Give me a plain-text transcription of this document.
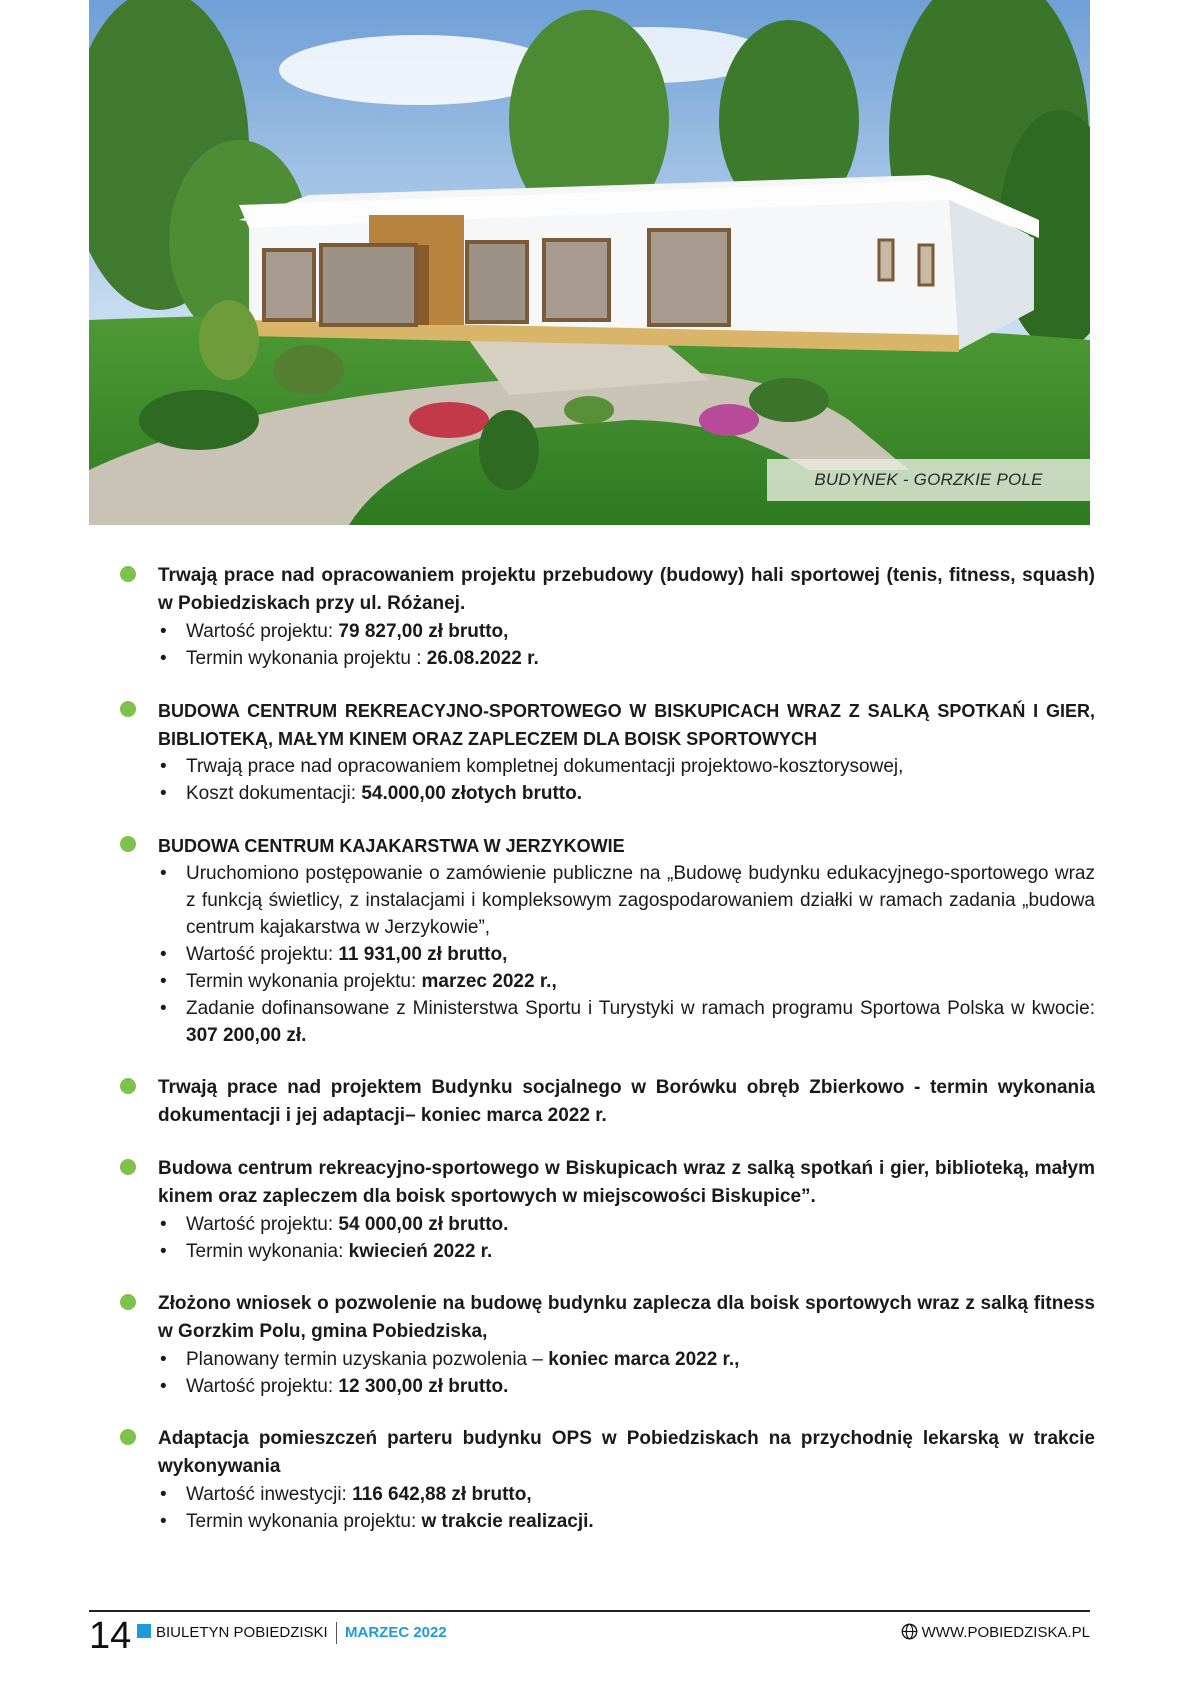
BUDYNEK - GORZKIE POLE
Trwają prace nad opracowaniem projektu przebudowy (budowy) hali sportowej (tenis, fitness, squash) w Pobiedziskach przy ul. Różanej.
• Wartość projektu: 79 827,00 zł brutto,
• Termin wykonania projektu : 26.08.2022 r.
BUDOWA CENTRUM REKREACYJNO-SPORTOWEGO W BISKUPICACH WRAZ Z SALKĄ SPOTKAŃ I GIER, BIBLIOTEKĄ, MAŁYM KINEM ORAZ ZAPLECZEM DLA BOISK SPORTOWYCH
• Trwają prace nad opracowaniem kompletnej dokumentacji projektowo-kosztorysowej,
• Koszt dokumentacji: 54.000,00 złotych brutto.
BUDOWA CENTRUM KAJAKARSTWA W JERZYKOWIE
• Uruchomiono postępowanie o zamówienie publiczne na „Budowę budynku edukacyjnego-sportowego wraz z funkcją świetlicy, z instalacjami i kompleksowym zagospodarowaniem działki w ramach zadania „budowa centrum kajakarstwa w Jerzykowie”,
• Wartość projektu: 11 931,00 zł brutto,
• Termin wykonania projektu: marzec 2022 r.,
• Zadanie dofinansowane z Ministerstwa Sportu i Turystyki w ramach programu Sportowa Polska w kwocie: 307 200,00 zł.
Trwają prace nad projektem Budynku socjalnego w Borówku obręb Zbierkowo - termin wykonania dokumentacji i jej adaptacji– koniec marca 2022 r.
Budowa centrum rekreacyjno-sportowego w Biskupicach wraz z salką spotkań i gier, biblioteką, małym kinem oraz zapleczem dla boisk sportowych w miejscowości Biskupice”.
• Wartość projektu: 54 000,00 zł brutto.
• Termin wykonania: kwiecień 2022 r.
Złożono wniosek o pozwolenie na budowę budynku zaplecza dla boisk sportowych wraz z salką fitness w Gorzkim Polu, gmina Pobiedziska,
• Planowany termin uzyskania pozwolenia – koniec marca 2022 r.,
• Wartość projektu: 12 300,00 zł brutto.
Adaptacja pomieszczeń parteru budynku OPS w Pobiedziskach na przychodnię lekarską w trakcie wykonywania
• Wartość inwestycji: 116 642,88 zł brutto,
• Termin wykonania projektu: w trakcie realizacji.
14 BIULETYN POBIEDZISKI MARZEC 2022	WWW.POBIEDZISKA.PL
